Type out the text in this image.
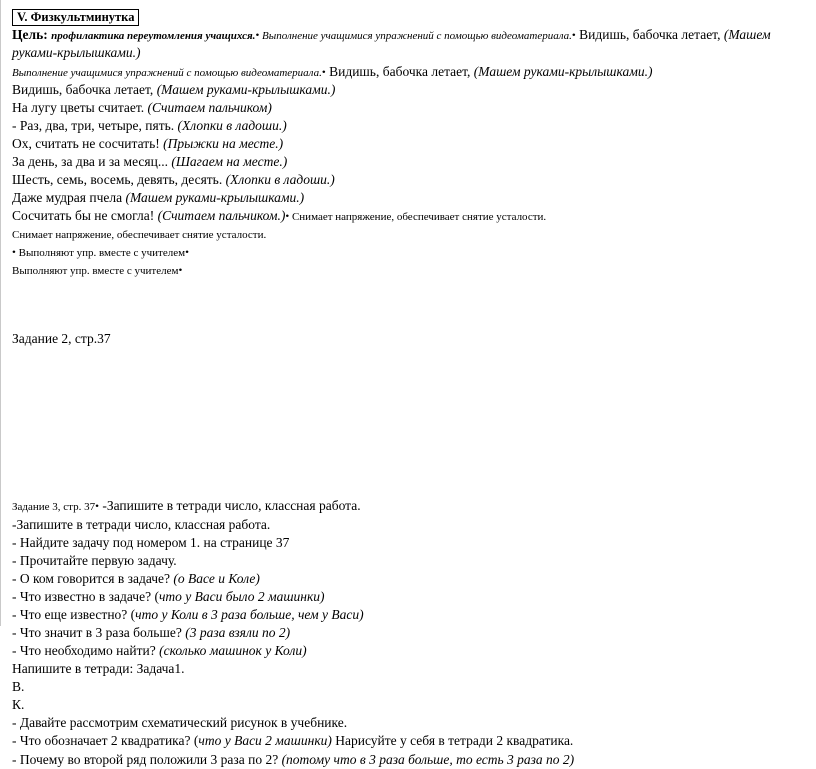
V. Физкультминутка
Цель: профилактика переутомления учащихся.• Выполнение учащимися упражнений с помощью видеоматериала.• Видишь, бабочка летает, (Машем руками-крылышками.)
Выполнение учащимися упражнений с помощью видеоматериала.• Видишь, бабочка летает, (Машем руками-крылышками.)
Видишь, бабочка летает, (Машем руками-крылышками.)
На лугу цветы считает. (Считаем пальчиком)
- Раз, два, три, четыре, пять. (Хлопки в ладоши.)
Ох, считать не сосчитать! (Прыжки на месте.)
За день, за два и за месяц... (Шагаем на месте.)
Шесть, семь, восемь, девять, десять. (Хлопки в ладоши.)
Даже мудрая пчела (Машем руками-крылышками.)
Сосчитать бы не смогла! (Считаем пальчиком.)• Снимает напряжение, обеспечивает снятие усталости.
Снимает напряжение, обеспечивает снятие усталости.
• Выполняют упр. вместе с учителем•
Выполняют упр. вместе с учителем•
Задание 2, стр.37
Задание 3, стр. 37• -Запишите в тетради число, классная работа.
-Запишите в тетради число, классная работа.
- Найдите задачу под номером 1. на странице 37
- Прочитайте первую задачу.
- О ком говорится в задаче? (о Васе и Коле)
- Что известно в задаче? (что у Васи было 2 машинки)
- Что еще известно? (что у Коли в 3 раза больше, чем у Васи)
- Что значит в 3 раза больше? (3 раза взяли по 2)
- Что необходимо найти? (сколько машинок у Коли)
Напишите в тетради: Задача1.
В.
К.
- Давайте рассмотрим схематический рисунок в учебнике.
- Что обозначает 2 квадратика? (что у Васи 2 машинки) Нарисуйте у себя в тетради 2 квадратика.
- Почему во второй ряд положили 3 раза по 2? (потому что в 3 раза больше, то есть 3 раза по 2)
